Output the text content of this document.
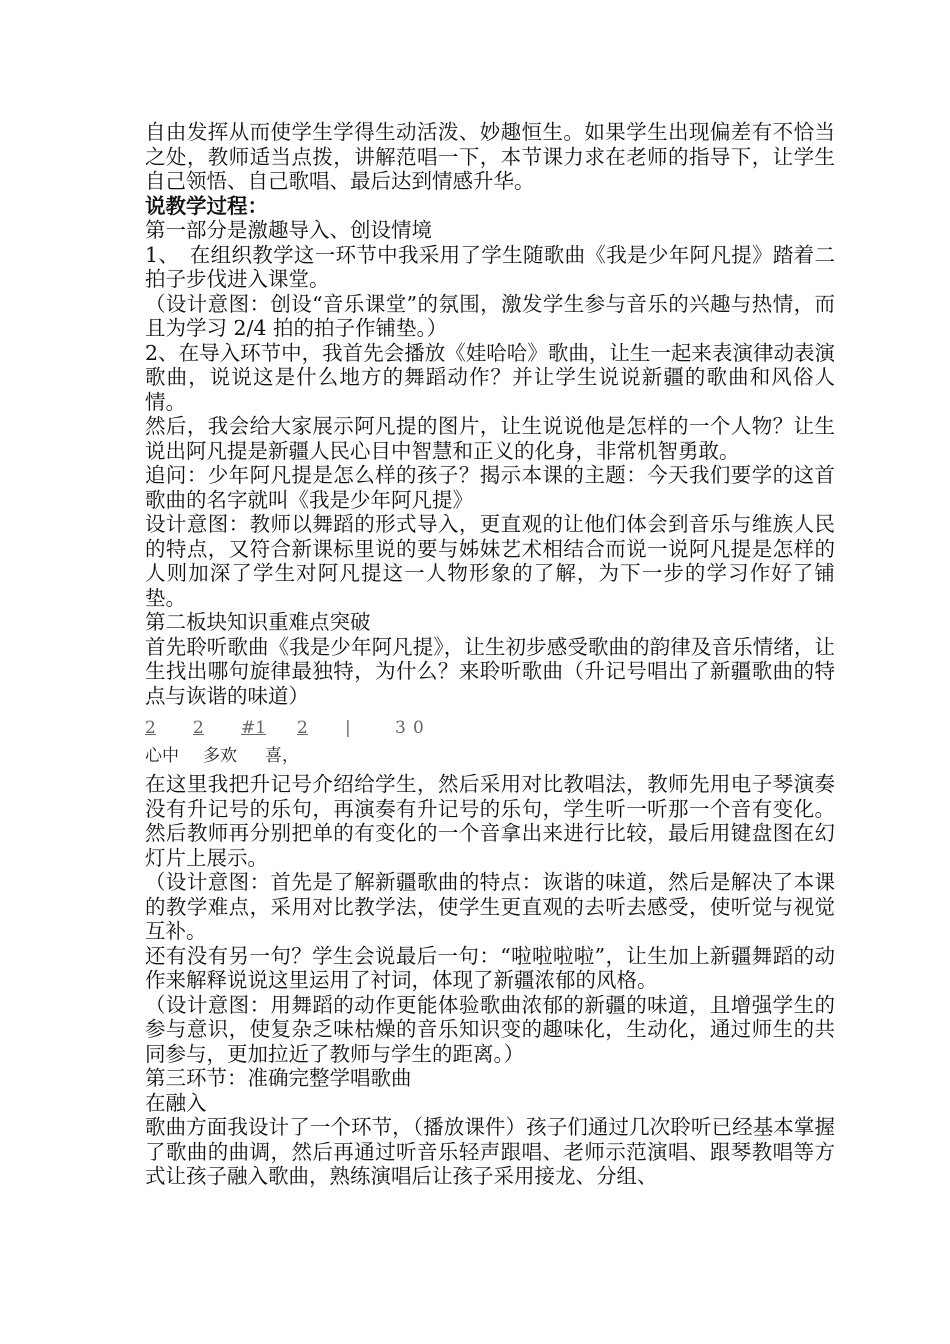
自由发挥从而使学生学得生动活泼、妙趣恒生。如果学生出现偏差有不恰当之处，教师适当点拨，讲解范唱一下，本节课力求在老师的指导下，让学生自己领悟、自己歌唱、最后达到情感升华。

说教学过程：

第一部分是激趣导入、创设情境

1、　在组织教学这一环节中我采用了学生随歌曲《我是少年阿凡提》踏着二拍子步伐进入课堂。

（设计意图：创设“音乐课堂”的氛围，激发学生参与音乐的兴趣与热情，而且为学习 2/4 拍的拍子作铺垫。）

2、在导入环节中，我首先会播放《娃哈哈》歌曲，让生一起来表演律动表演歌曲，说说这是什么地方的舞蹈动作？并让学生说说新疆的歌曲和风俗人情。

然后，我会给大家展示阿凡提的图片，让生说说他是怎样的一个人物？让生说出阿凡提是新疆人民心目中智慧和正义的化身，非常机智勇敢。

追问：少年阿凡提是怎么样的孩子？揭示本课的主题：今天我们要学的这首歌曲的名字就叫《我是少年阿凡提》

设计意图：教师以舞蹈的形式导入，更直观的让他们体会到音乐与维族人民的特点，又符合新课标里说的要与姊妹艺术相结合而说一说阿凡提是怎样的人则加深了学生对阿凡提这一人物形象的了解，为下一步的学习作好了铺垫。

第二板块知识重难点突破

首先聆听歌曲《我是少年阿凡提》，让生初步感受歌曲的韵律及音乐情绪，让生找出哪句旋律最独特，为什么？来聆听歌曲（升记号唱出了新疆歌曲的特点与诙谐的味道）

2 2 #1 2 |	3 0
心中 多欢 喜，

在这里我把升记号介绍给学生，然后采用对比教唱法，教师先用电子琴演奏没有升记号的乐句，再演奏有升记号的乐句，学生听一听那一个音有变化。然后教师再分别把单的有变化的一个音拿出来进行比较，最后用键盘图在幻灯片上展示。

（设计意图：首先是了解新疆歌曲的特点：诙谐的味道，然后是解决了本课的教学难点，采用对比教学法，使学生更直观的去听去感受，使听觉与视觉互补。

还有没有另一句？学生会说最后一句：“啦啦啦啦”，让生加上新疆舞蹈的动作来解释说说这里运用了衬词，体现了新疆浓郁的风格。

（设计意图：用舞蹈的动作更能体验歌曲浓郁的新疆的味道，且增强学生的参与意识，使复杂乏味枯燥的音乐知识变的趣味化，生动化，通过师生的共同参与，更加拉近了教师与学生的距离。）

第三环节：准确完整学唱歌曲

在融入

歌曲方面我设计了一个环节，（播放课件）孩子们通过几次聆听已经基本掌握了歌曲的曲调，然后再通过听音乐轻声跟唱、老师示范演唱、跟琴教唱等方式让孩子融入歌曲，熟练演唱后让孩子采用接龙、分组、
